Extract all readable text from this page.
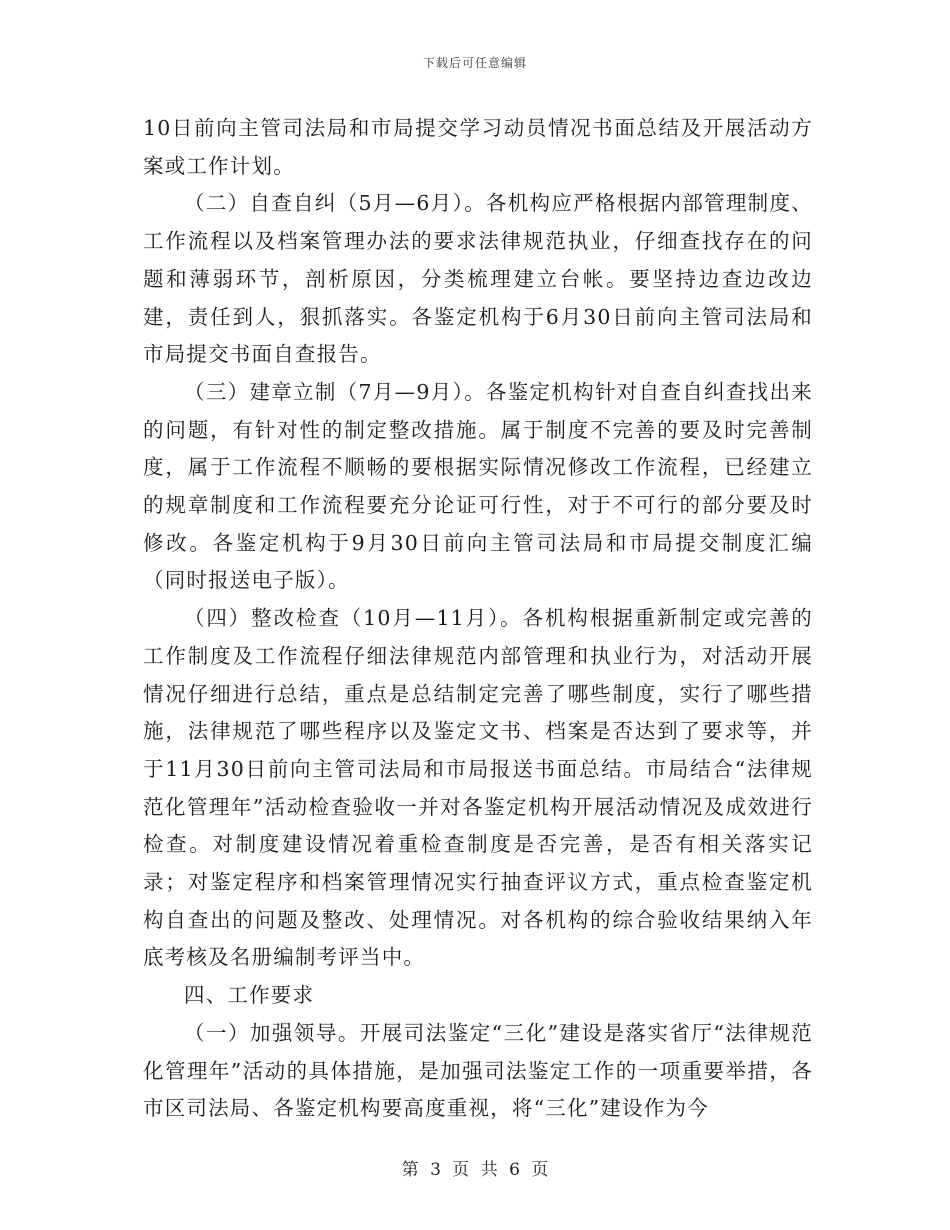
下载后可任意编辑

10日前向主管司法局和市局提交学习动员情况书面总结及开展活动方案或工作计划。

（二）自查自纠（5月—6月）。各机构应严格根据内部管理制度、工作流程以及档案管理办法的要求法律规范执业，仔细查找存在的问题和薄弱环节，剖析原因，分类梳理建立台帐。要坚持边查边改边建，责任到人，狠抓落实。各鉴定机构于6月30日前向主管司法局和市局提交书面自查报告。

（三）建章立制（7月—9月）。各鉴定机构针对自查自纠查找出来的问题，有针对性的制定整改措施。属于制度不完善的要及时完善制度，属于工作流程不顺畅的要根据实际情况修改工作流程，已经建立的规章制度和工作流程要充分论证可行性，对于不可行的部分要及时修改。各鉴定机构于9月30日前向主管司法局和市局提交制度汇编（同时报送电子版）。

（四）整改检查（10月—11月）。各机构根据重新制定或完善的工作制度及工作流程仔细法律规范内部管理和执业行为，对活动开展情况仔细进行总结，重点是总结制定完善了哪些制度，实行了哪些措施，法律规范了哪些程序以及鉴定文书、档案是否达到了要求等，并于11月30日前向主管司法局和市局报送书面总结。市局结合“法律规范化管理年”活动检查验收一并对各鉴定机构开展活动情况及成效进行检查。对制度建设情况着重检查制度是否完善，是否有相关落实记录；对鉴定程序和档案管理情况实行抽查评议方式，重点检查鉴定机构自查出的问题及整改、处理情况。对各机构的综合验收结果纳入年底考核及名册编制考评当中。

四、工作要求

（一）加强领导。开展司法鉴定“三化”建设是落实省厅“法律规范化管理年”活动的具体措施，是加强司法鉴定工作的一项重要举措，各市区司法局、各鉴定机构要高度重视，将“三化”建设作为今

第 3 页 共 6 页
